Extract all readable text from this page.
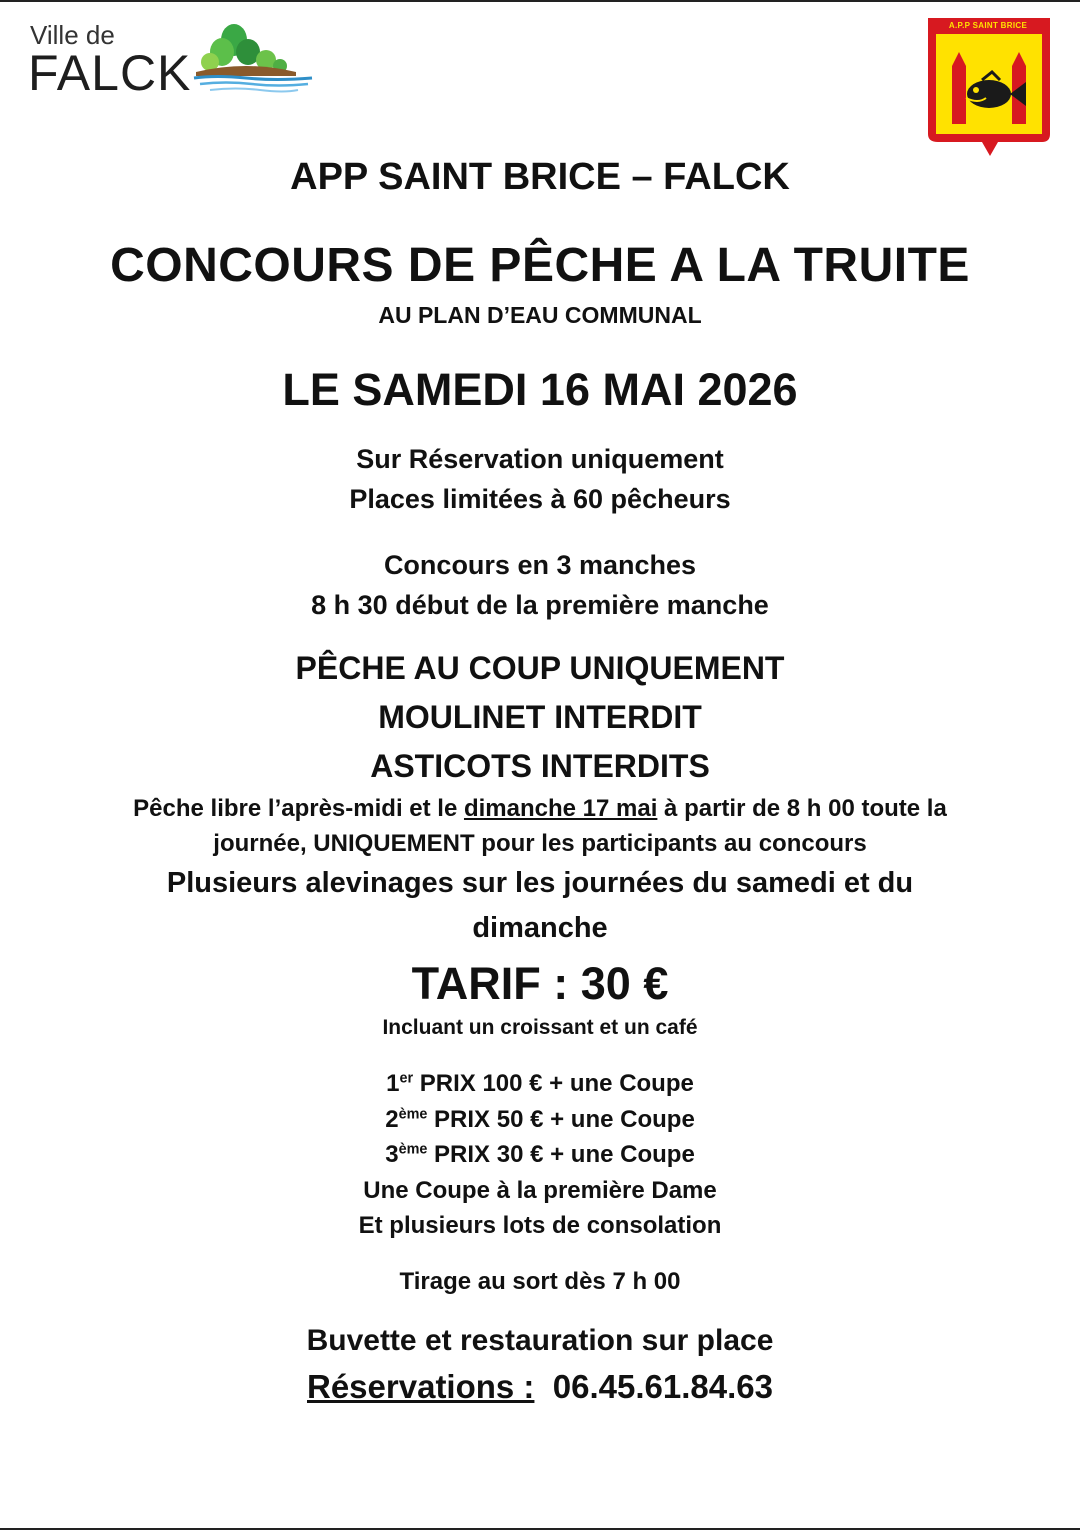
Ville de
FALCK
A.P.P SAINT BRICE
APP SAINT BRICE – FALCK
CONCOURS DE PÊCHE A LA TRUITE
AU PLAN D’EAU COMMUNAL
LE SAMEDI 16 MAI 2026
Sur Réservation uniquement
Places limitées à 60 pêcheurs
Concours en 3 manches
8 h 30 début de la première manche
PÊCHE AU COUP UNIQUEMENT
MOULINET INTERDIT
ASTICOTS INTERDITS
Pêche libre l’après-midi et le dimanche 17 mai à partir de 8 h 00 toute la
journée, UNIQUEMENT pour les participants au concours
Plusieurs alevinages sur les journées du samedi et du
dimanche
TARIF : 30 €
Incluant un croissant et un café
1er PRIX 100 € + une Coupe
2ème PRIX 50 € + une Coupe
3ème PRIX 30 € + une Coupe
Une Coupe à la première Dame
Et plusieurs lots de consolation
Tirage au sort dès 7 h 00
Buvette et restauration sur place
Réservations :  06.45.61.84.63
